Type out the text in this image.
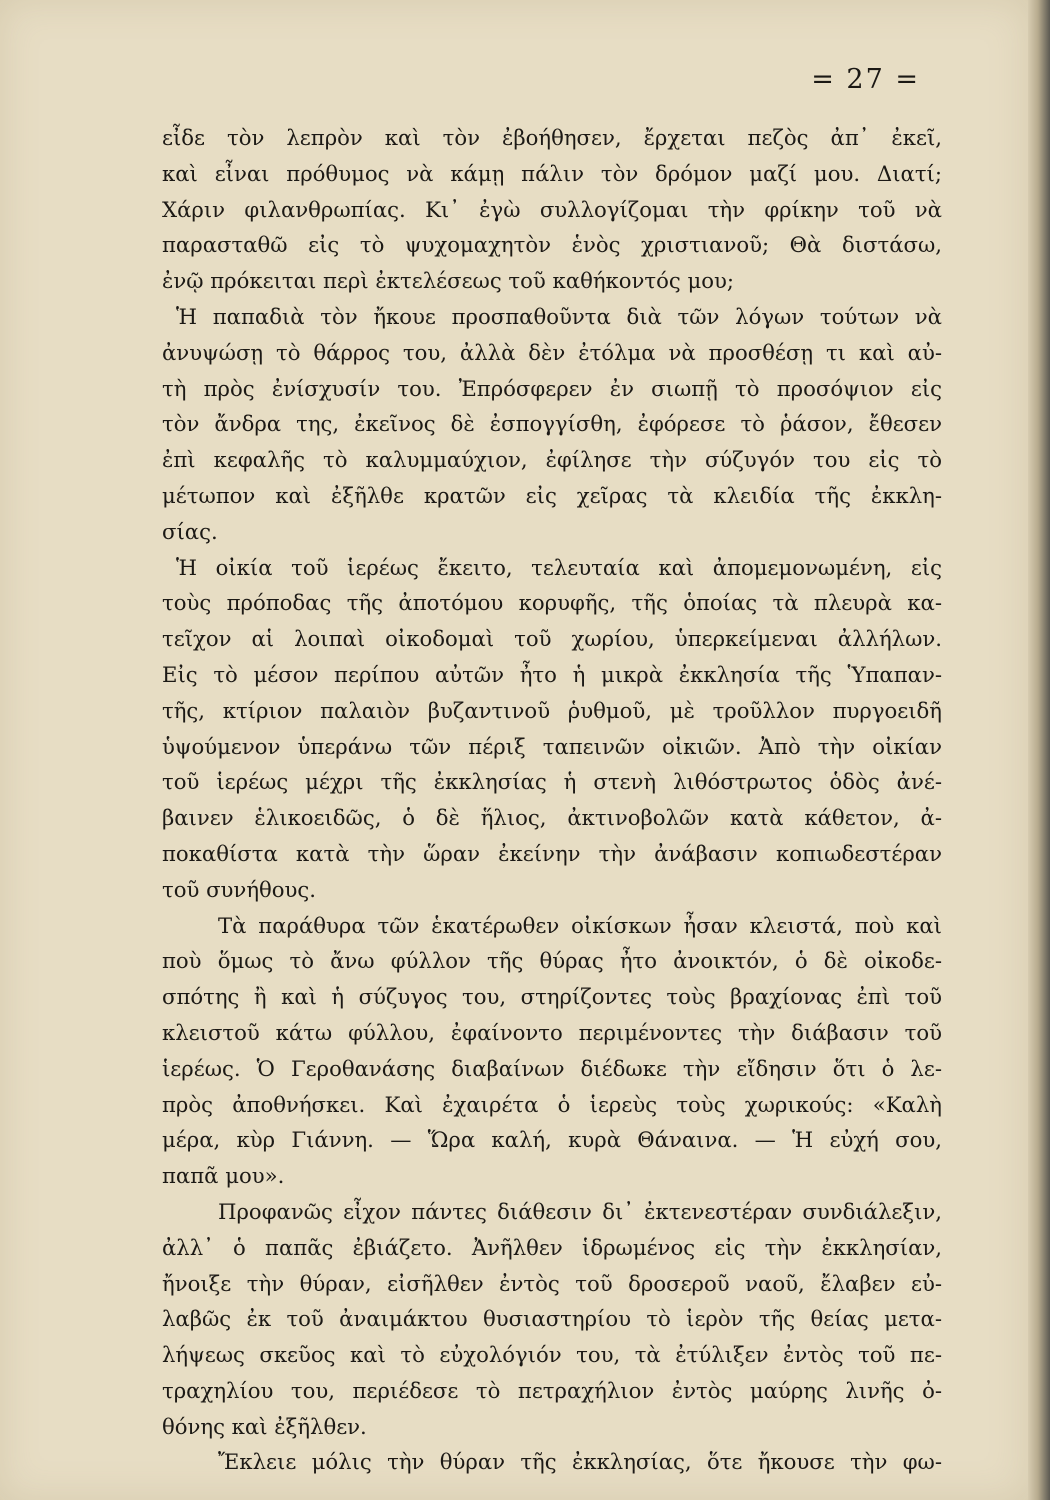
= 27 =
εἶδε τὸν λεπρὸν καὶ τὸν ἐβοήθησεν, ἔρχεται πεζὸς ἀπ᾽ ἐκεῖ,
καὶ εἶναι πρόθυμος νὰ κάμῃ πάλιν τὸν δρόμον μαζί μου. Διατί;
Χάριν φιλανθρωπίας. Κι᾽ ἐγὼ συλλογίζομαι τὴν φρίκην τοῦ νὰ
παρασταθῶ εἰς τὸ ψυχομαχητὸν ἑνὸς χριστιανοῦ; Θὰ διστάσω,
ἐνῷ πρόκειται περὶ ἐκτελέσεως τοῦ καθήκοντός μου;
Ἡ παπαδιὰ τὸν ἤκουε προσπαθοῦντα διὰ τῶν λόγων τούτων νὰ
ἀνυψώσῃ τὸ θάρρος του, ἀλλὰ δὲν ἐτόλμα νὰ προσθέσῃ τι καὶ αὐ-
τὴ πρὸς ἐνίσχυσίν του. Ἐπρόσφερεν ἐν σιωπῇ τὸ προσόψιον εἰς
τὸν ἄνδρα της, ἐκεῖνος δὲ ἐσπογγίσθη, ἐφόρεσε τὸ ῥάσον, ἔθεσεν
ἐπὶ κεφαλῆς τὸ καλυμμαύχιον, ἐφίλησε τὴν σύζυγόν του εἰς τὸ
μέτωπον καὶ ἐξῆλθε κρατῶν εἰς χεῖρας τὰ κλειδία τῆς ἐκκλη-
σίας.
Ἡ οἰκία τοῦ ἱερέως ἔκειτο, τελευταία καὶ ἀπομεμονωμένη, εἰς
τοὺς πρόποδας τῆς ἀποτόμου κορυφῆς, τῆς ὁποίας τὰ πλευρὰ κα-
τεῖχον αἱ λοιπαὶ οἰκοδομαὶ τοῦ χωρίου, ὑπερκείμεναι ἀλλήλων.
Εἰς τὸ μέσον περίπου αὐτῶν ἦτο ἡ μικρὰ ἐκκλησία τῆς Ὑπαπαν-
τῆς, κτίριον παλαιὸν βυζαντινοῦ ῥυθμοῦ, μὲ τροῦλλον πυργοειδῆ
ὑψούμενον ὑπεράνω τῶν πέριξ ταπεινῶν οἰκιῶν. Ἀπὸ τὴν οἰκίαν
τοῦ ἱερέως μέχρι τῆς ἐκκλησίας ἡ στενὴ λιθόστρωτος ὁδὸς ἀνέ-
βαινεν ἑλικοειδῶς, ὁ δὲ ἥλιος, ἀκτινοβολῶν κατὰ κάθετον, ἀ-
ποκαθίστα κατὰ τὴν ὥραν ἐκείνην τὴν ἀνάβασιν κοπιωδεστέραν
τοῦ συνήθους.
Τὰ παράθυρα τῶν ἑκατέρωθεν οἰκίσκων ἦσαν κλειστά, ποὺ καὶ
ποὺ ὅμως τὸ ἄνω φύλλον τῆς θύρας ἦτο ἀνοικτόν, ὁ δὲ οἰκοδε-
σπότης ἢ καὶ ἡ σύζυγος του, στηρίζοντες τοὺς βραχίονας ἐπὶ τοῦ
κλειστοῦ κάτω φύλλου, ἐφαίνοντο περιμένοντες τὴν διάβασιν τοῦ
ἱερέως. Ὁ Γεροθανάσης διαβαίνων διέδωκε τὴν εἴδησιν ὅτι ὁ λε-
πρὸς ἀποθνήσκει. Καὶ ἐχαιρέτα ὁ ἱερεὺς τοὺς χωρικούς: «Καλὴ
μέρα, κὺρ Γιάννη. — Ὥρα καλή, κυρὰ Θάναινα. — Ἡ εὐχή σου,
παπᾶ μου».
Προφανῶς εἶχον πάντες διάθεσιν δι᾽ ἐκτενεστέραν συνδιάλεξιν,
ἀλλ᾽ ὁ παπᾶς ἐβιάζετο. Ἀνῆλθεν ἱδρωμένος εἰς τὴν ἐκκλησίαν,
ἤνοιξε τὴν θύραν, εἰσῆλθεν ἐντὸς τοῦ δροσεροῦ ναοῦ, ἔλαβεν εὐ-
λαβῶς ἐκ τοῦ ἀναιμάκτου θυσιαστηρίου τὸ ἱερὸν τῆς θείας μετα-
λήψεως σκεῦος καὶ τὸ εὐχολόγιόν του, τὰ ἐτύλιξεν ἐντὸς τοῦ πε-
τραχηλίου του, περιέδεσε τὸ πετραχήλιον ἐντὸς μαύρης λινῆς ὀ-
θόνης καὶ ἐξῆλθεν.
Ἔκλειε μόλις τὴν θύραν τῆς ἐκκλησίας, ὅτε ἤκουσε τὴν φω-
